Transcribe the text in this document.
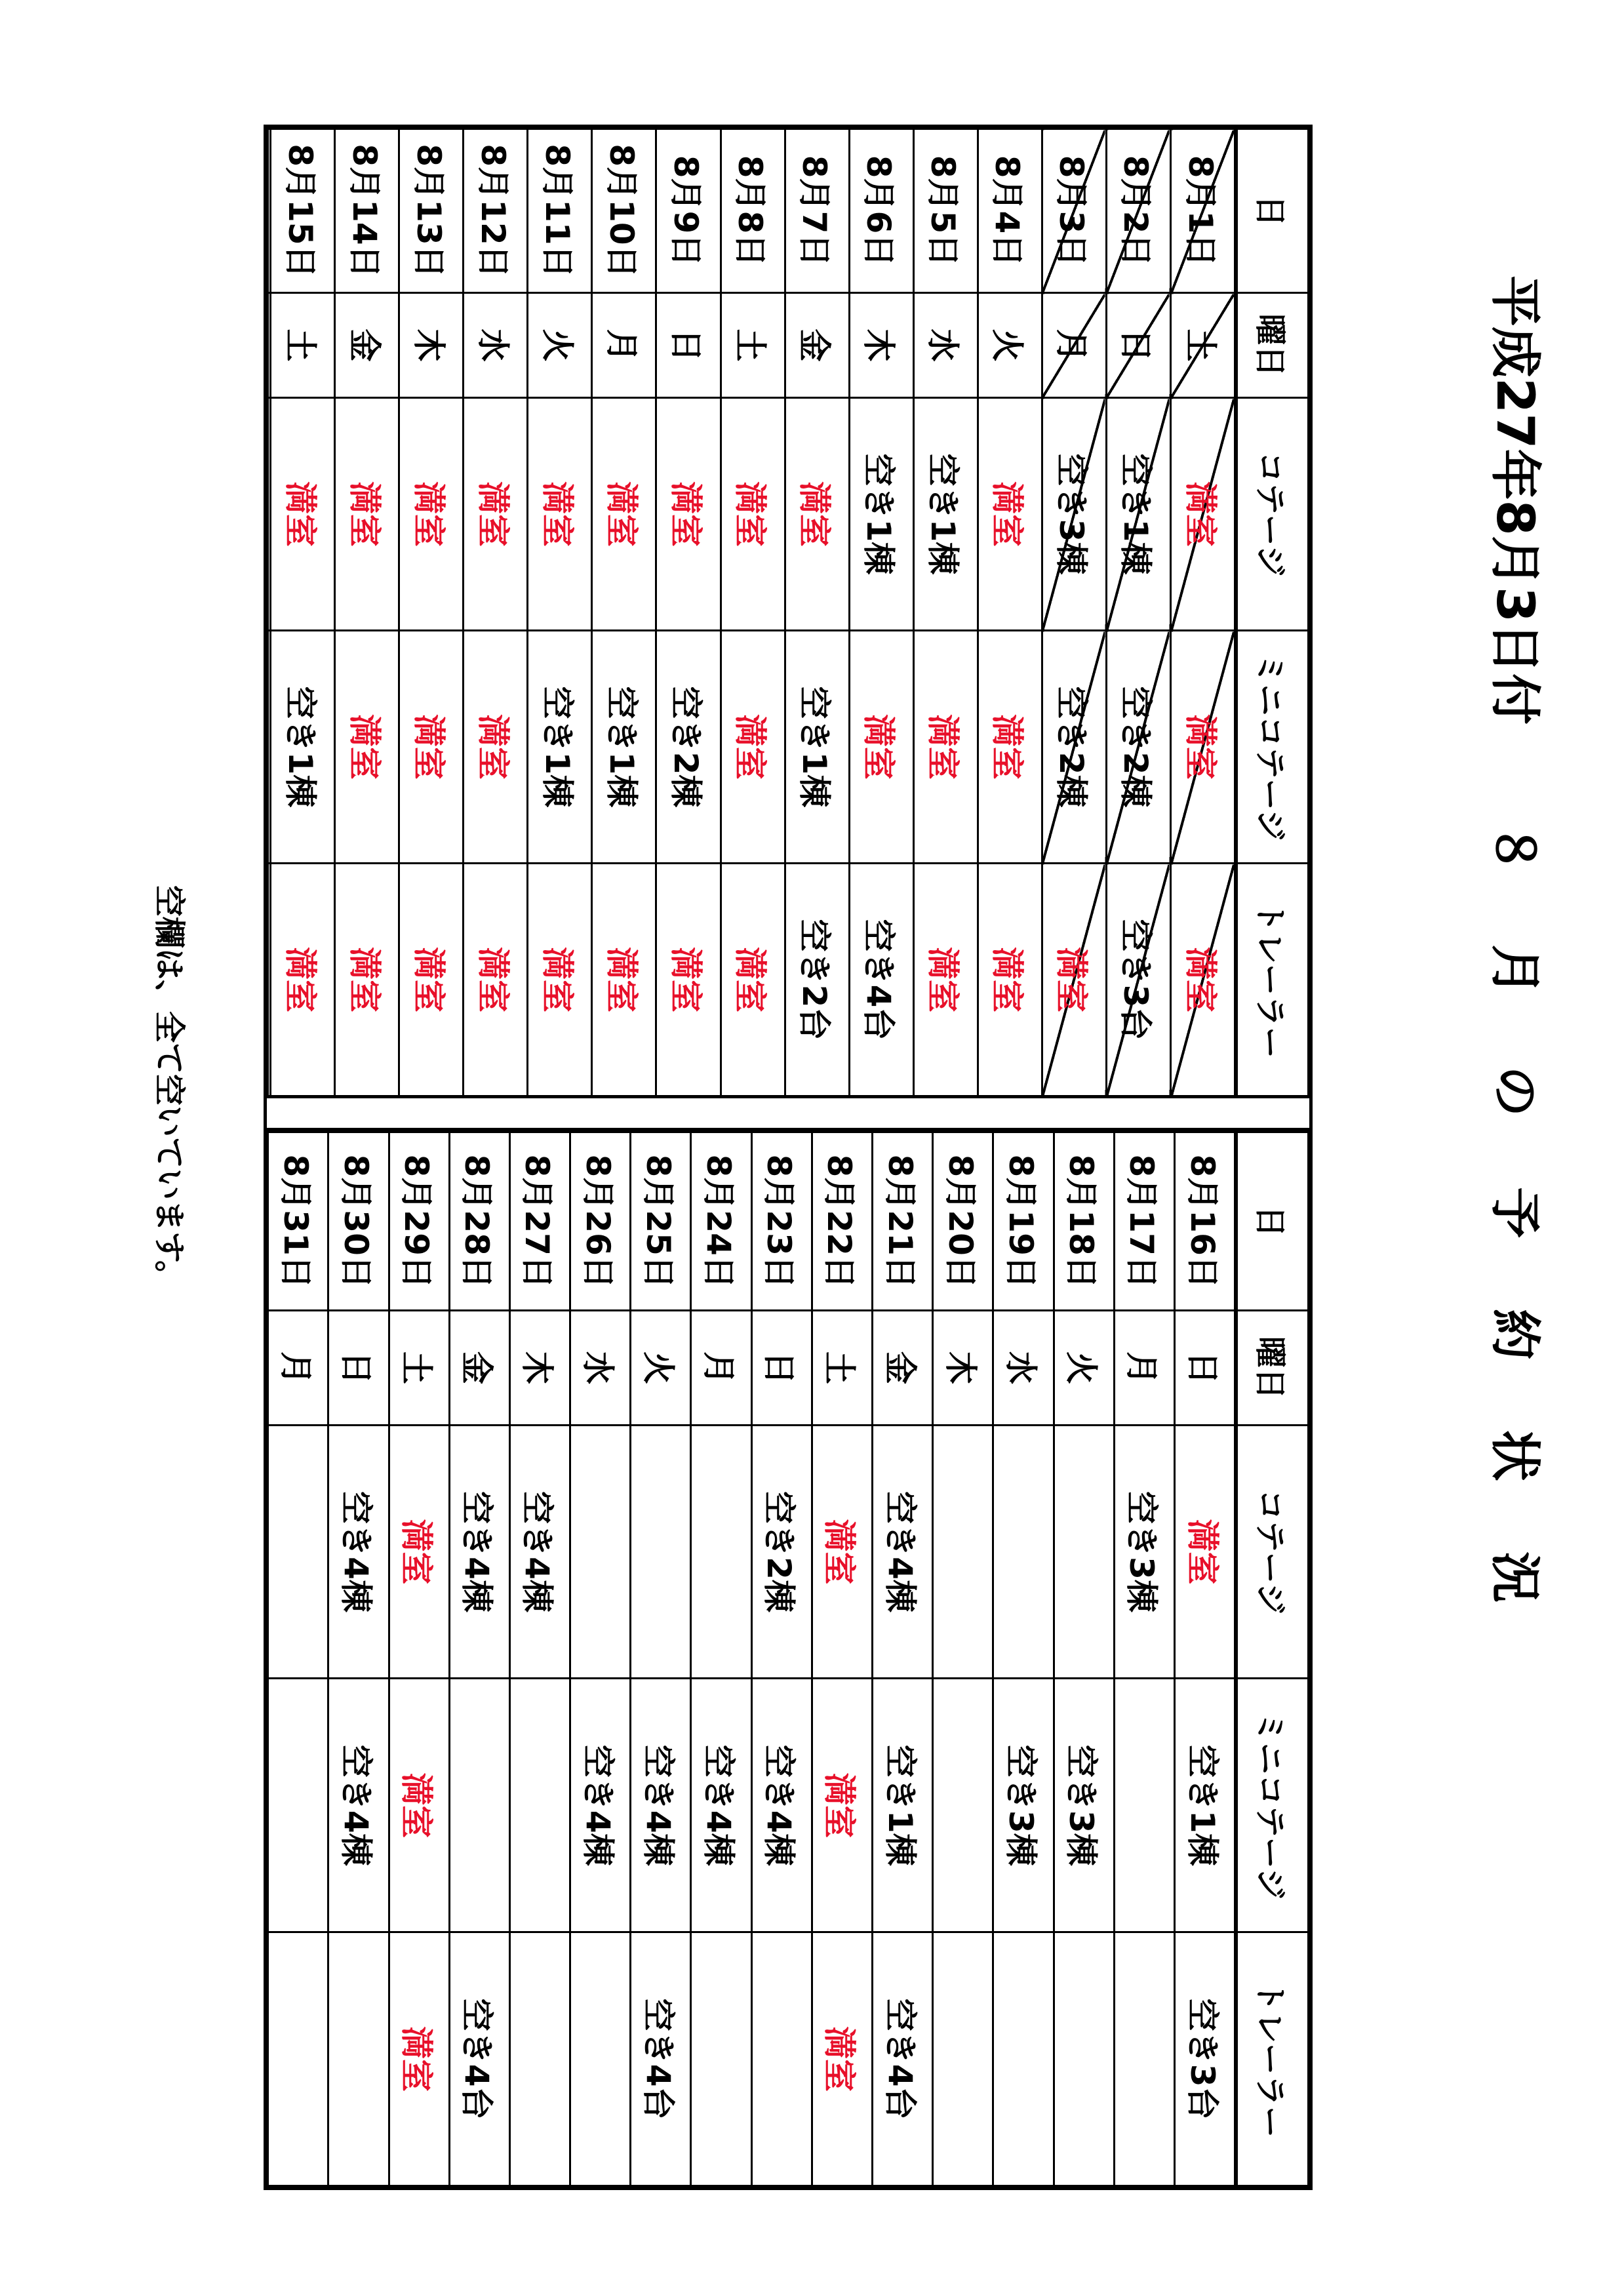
平成27年8月3日付
８ 月 の 予 約 状 況
日	曜日	コテージ	ミニコテージ	トレーラー
8月1日	土	満室	満室	満室
8月2日	日	空き1棟	空き2棟	空き3台
8月3日	月	空き3棟	空き2棟	満室
8月4日	火	満室	満室	満室
8月5日	水	空き1棟	満室	満室
8月6日	木	空き1棟	満室	空き4台
8月7日	金	満室	空き1棟	空き2台
8月8日	土	満室	満室	満室
8月9日	日	満室	空き2棟	満室
8月10日	月	満室	空き1棟	満室
8月11日	火	満室	空き1棟	満室
8月12日	水	満室	満室	満室
8月13日	木	満室	満室	満室
8月14日	金	満室	満室	満室
8月15日	土	満室	空き1棟	満室

日	曜日	コテージ	ミニコテージ	トレーラー
8月16日	日	満室	空き1棟	空き3台
8月17日	月	空き3棟		
8月18日	火		空き3棟	
8月19日	水		空き3棟	
8月20日	木			
8月21日	金	空き4棟	空き1棟	空き4台
8月22日	土	満室	満室	満室
8月23日	日	空き2棟	空き4棟	
8月24日	月		空き4棟	
8月25日	火		空き4棟	空き4台
8月26日	水		空き4棟	
8月27日	木	空き4棟		
8月28日	金	空き4棟		空き4台
8月29日	土	満室	満室	満室
8月30日	日	空き4棟	空き4棟	
8月31日	月			
空欄は、全て空いています。
